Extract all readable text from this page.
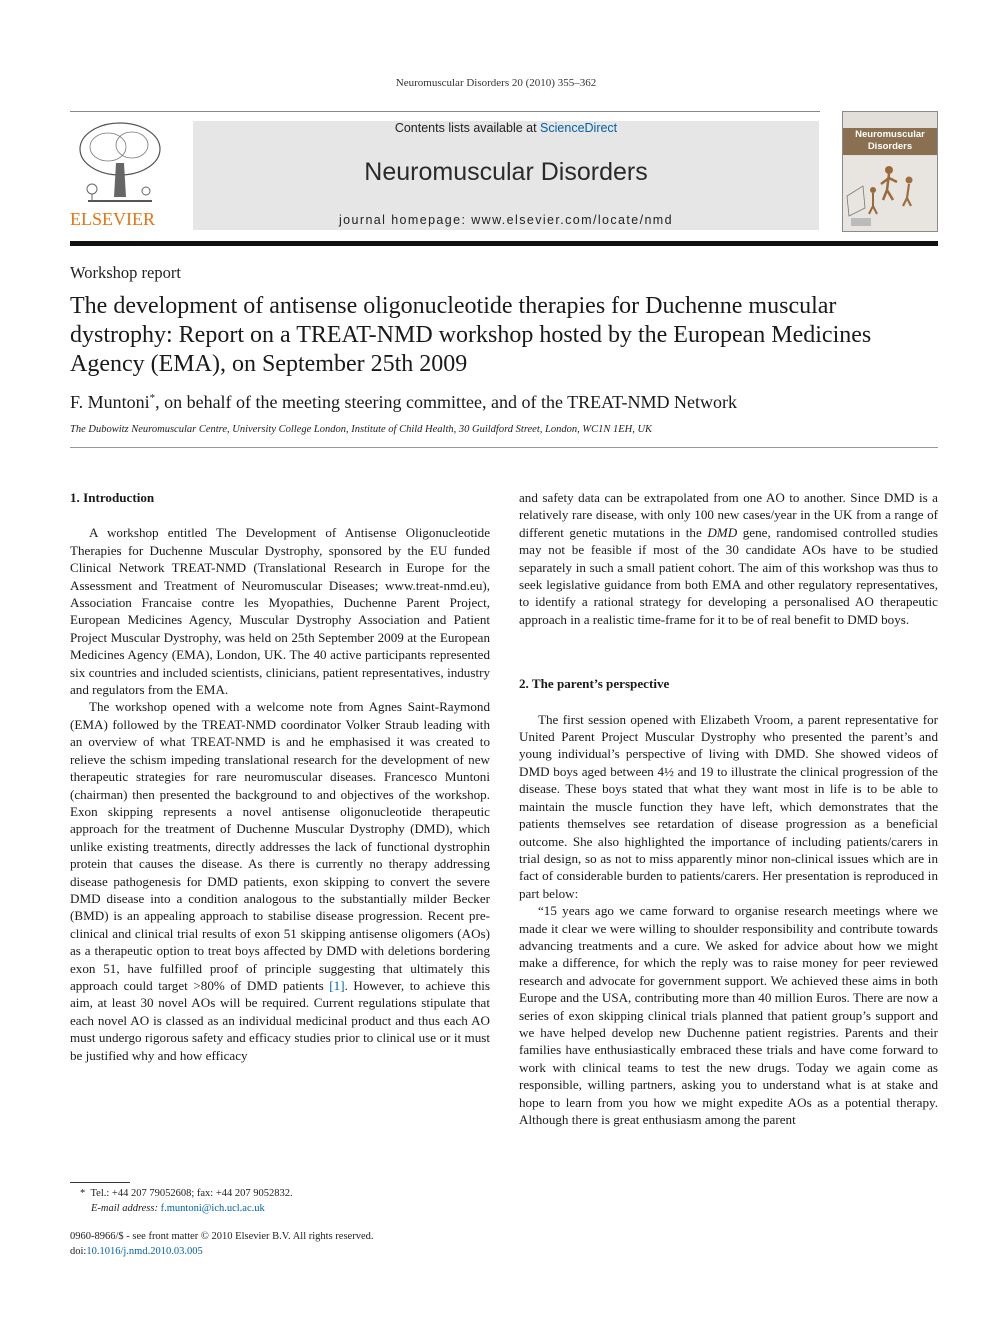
Neuromuscular Disorders 20 (2010) 355–362
ELSEVIER
Contents lists available at ScienceDirect
Neuromuscular Disorders
journal homepage: www.elsevier.com/locate/nmd
Neuromuscular Disorders
Workshop report
The development of antisense oligonucleotide therapies for Duchenne muscular dystrophy: Report on a TREAT-NMD workshop hosted by the European Medicines Agency (EMA), on September 25th 2009
F. Muntoni*, on behalf of the meeting steering committee, and of the TREAT-NMD Network
The Dubowitz Neuromuscular Centre, University College London, Institute of Child Health, 30 Guildford Street, London, WC1N 1EH, UK
1. Introduction

A workshop entitled The Development of Antisense Oligonucleotide Therapies for Duchenne Muscular Dystrophy, sponsored by the EU funded Clinical Network TREAT-NMD (Translational Research in Europe for the Assessment and Treatment of Neuromuscular Diseases; www.treat-nmd.eu), Association Francaise contre les Myopathies, Duchenne Parent Project, European Medicines Agency, Muscular Dystrophy Association and Patient Project Muscular Dystrophy, was held on 25th September 2009 at the European Medicines Agency (EMA), London, UK. The 40 active participants represented six countries and included scientists, clinicians, patient representatives, industry and regulators from the EMA.

The workshop opened with a welcome note from Agnes Saint-Raymond (EMA) followed by the TREAT-NMD coordinator Volker Straub leading with an overview of what TREAT-NMD is and he emphasised it was created to relieve the schism impeding translational research for the development of new therapeutic strategies for rare neuromuscular diseases. Francesco Muntoni (chairman) then presented the background to and objectives of the workshop. Exon skipping represents a novel antisense oligonucleotide therapeutic approach for the treatment of Duchenne Muscular Dystrophy (DMD), which unlike existing treatments, directly addresses the lack of functional dystrophin protein that causes the disease. As there is currently no therapy addressing disease pathogenesis for DMD patients, exon skipping to convert the severe DMD disease into a condition analogous to the substantially milder Becker (BMD) is an appealing approach to stabilise disease progression. Recent pre-clinical and clinical trial results of exon 51 skipping antisense oligomers (AOs) as a therapeutic option to treat boys affected by DMD with deletions bordering exon 51, have fulfilled proof of principle suggesting that ultimately this approach could target >80% of DMD patients [1]. However, to achieve this aim, at least 30 novel AOs will be required. Current regulations stipulate that each novel AO is classed as an individual medicinal product and thus each AO must undergo rigorous safety and efficacy studies prior to clinical use or it must be justified why and how efficacy

and safety data can be extrapolated from one AO to another. Since DMD is a relatively rare disease, with only 100 new cases/year in the UK from a range of different genetic mutations in the DMD gene, randomised controlled studies may not be feasible if most of the 30 candidate AOs have to be studied separately in such a small patient cohort. The aim of this workshop was thus to seek legislative guidance from both EMA and other regulatory representatives, to identify a rational strategy for developing a personalised AO therapeutic approach in a realistic time-frame for it to be of real benefit to DMD boys.

2. The parent’s perspective

The first session opened with Elizabeth Vroom, a parent representative for United Parent Project Muscular Dystrophy who presented the parent’s and young individual’s perspective of living with DMD. She showed videos of DMD boys aged between 4½ and 19 to illustrate the clinical progression of the disease. These boys stated that what they want most in life is to be able to maintain the muscle function they have left, which demonstrates that the patients themselves see retardation of disease progression as a beneficial outcome. She also highlighted the importance of including patients/carers in trial design, so as not to miss apparently minor non-clinical issues which are in fact of considerable burden to patients/carers. Her presentation is reproduced in part below:

“15 years ago we came forward to organise research meetings where we made it clear we were willing to shoulder responsibility and contribute towards advancing treatments and a cure. We asked for advice about how we might make a difference, for which the reply was to raise money for peer reviewed research and advocate for government support. We achieved these aims in both Europe and the USA, contributing more than 40 million Euros. There are now a series of exon skipping clinical trials planned that patient group’s support and we have helped develop new Duchenne patient registries. Parents and their families have enthusiastically embraced these trials and have come forward to work with clinical teams to test the new drugs. Today we again come as responsible, willing partners, asking you to understand what is at stake and hope to learn from you how we might expedite AOs as a potential therapy. Although there is great enthusiasm among the parent

* Tel.: +44 207 79052608; fax: +44 207 9052832.
E-mail address: f.muntoni@ich.ucl.ac.uk
0960-8966/$ - see front matter © 2010 Elsevier B.V. All rights reserved.
doi:10.1016/j.nmd.2010.03.005
